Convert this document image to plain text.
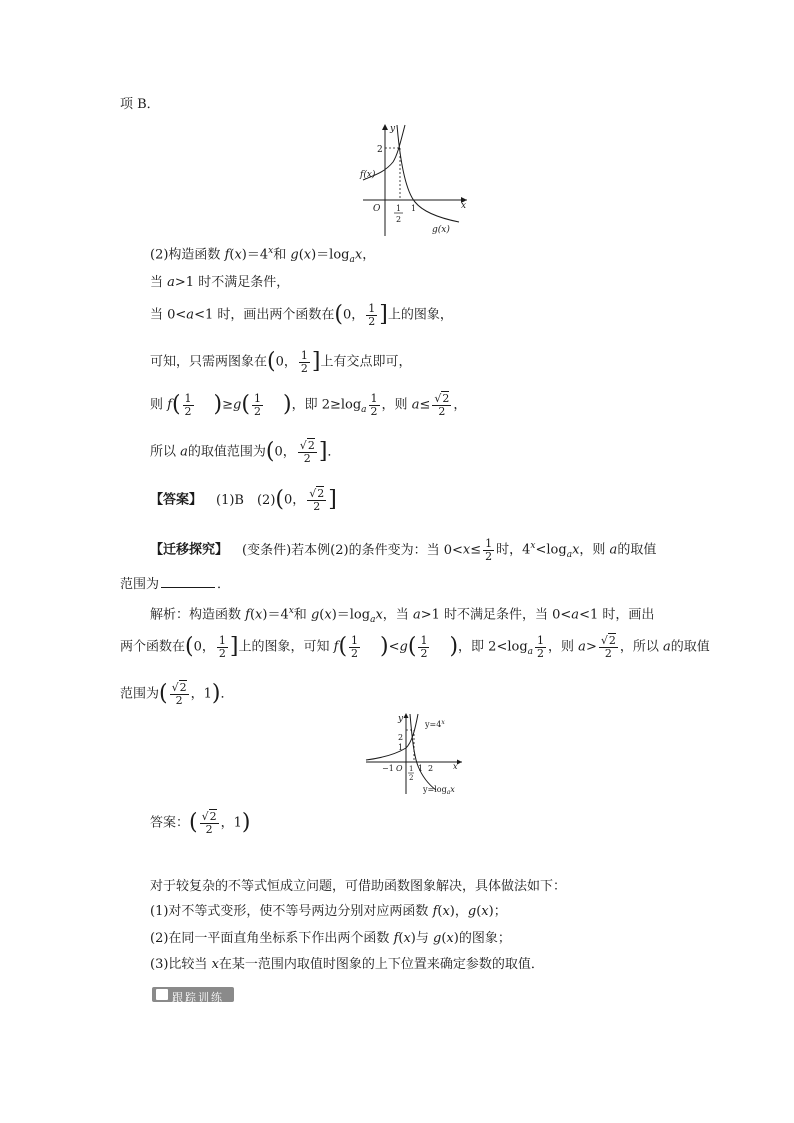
项 B．
y
2
f(x)
O 1
2
1	x
g(x)
(2)构造函数 $f(x)=4^x$和 $g(x)=\log_ax$，
当 a>1 时不满足条件，
当 0<a<1 时，画出两个函数在(0， $\frac{1}{2}$ ]上的图象，
可知，只需两图象在(0， $\frac{1}{2}$ ]上有交点即可，
则 $f( \frac{1}{2} )\ge g( \frac{1}{2}$ )，即 $2\ge\log_a \frac{1}{2}$ ，则 $a\le \frac{√2}{2}$ ，
所以 a的取值范围为(0， $\frac{√2}{2}$ ]．
【答案】 (1)B　(2)(0， $\frac{√2}{2}$ ]
【迁移探究】 (变条件)若本例(2)的条件变为：当 $0<x\le \frac{1}{2}$ 时，$4^x<\log_ax$，则 a的取值
范围为	．
解析：构造函数 $f(x)=4^x$和 $g(x)=\log_ax$，当 a>1 时不满足条件，当 0<a<1 时，画出
两个函数在(0， $\frac{1}{2}$ ]上的图象，可知 $f( \frac{1}{2} )<g( \frac{1}{2}$ )，即 $2<\log_a \frac{1}{2}$ ，则 $a> \frac{√2}{2}$ ，所以 a的取值
范围为( $\frac{√2}{2}$ ，1)．
y
$y=4^x$
2
1
−1 O 1
2
1 2 x
$y=\log_ax$
答案：( $\frac{√2}{2}$ ，1)
对于较复杂的不等式恒成立问题，可借助函数图象解决，具体做法如下：
(1)对不等式变形，使不等号两边分别对应两函数 f(x)，g(x)；
(2)在同一平面直角坐标系下作出两个函数 f(x)与 g(x)的图象；
(3)比较当 x在某一范围内取值时图象的上下位置来确定参数的取值．
跟踪训练
